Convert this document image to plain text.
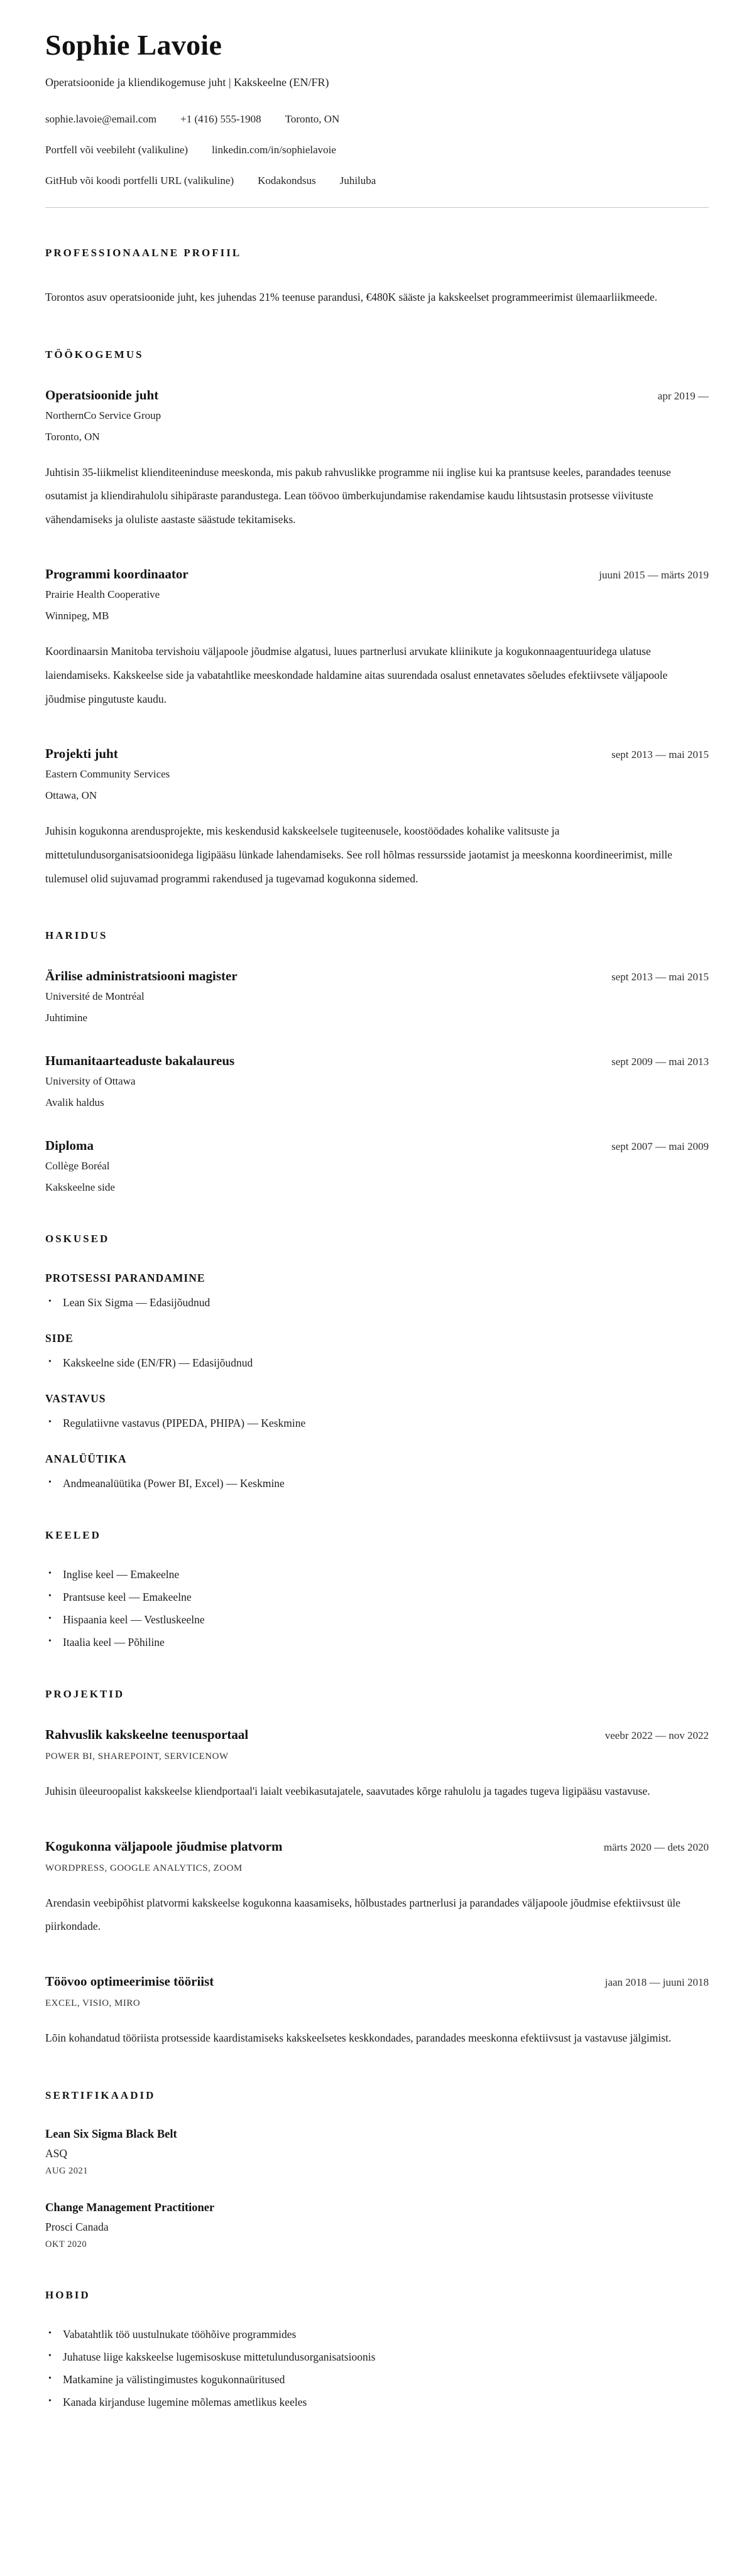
Sophie Lavoie

Operatsioonide ja kliendikogemuse juht | Kakskeelne (EN/FR)

sophie.lavoie@email.com +1 (416) 555-1908 Toronto, ON
Portfell või veebileht (valikuline) linkedin.com/in/sophielavoie
GitHub või koodi portfelli URL (valikuline) Kodakondsus Juhiluba
PROFESSIONAALNE PROFIIL

Torontos asuv operatsioonide juht, kes juhendas 21% teenuse parandusi, €480K sääste ja kakskeelset programmeerimist ülemaarliikmeede.

TÖÖKOGEMUS
Operatsioonide juht	apr 2019 —
NorthernCo Service Group
Toronto, ON

Juhtisin 35-liikmelist klienditeeninduse meeskonda, mis pakub rahvuslikke programme nii inglise kui ka prantsuse keeles, parandades teenuse osutamist ja kliendirahulolu sihipäraste parandustega. Lean töövoo ümberkujundamise rakendamise kaudu lihtsustasin protsesse viivituste vähendamiseks ja oluliste aastaste säästude tekitamiseks.

Programmi koordinaator	juuni 2015 — märts 2019
Prairie Health Cooperative
Winnipeg, MB

Koordinaarsin Manitoba tervishoiu väljapoole jõudmise algatusi, luues partnerlusi arvukate kliinikute ja kogukonnaagentuuridega ulatuse laiendamiseks. Kakskeelse side ja vabatahtlike meeskondade haldamine aitas suurendada osalust ennetavates sõeludes efektiivsete väljapoole jõudmise pingutuste kaudu.

Projekti juht	sept 2013 — mai 2015
Eastern Community Services
Ottawa, ON

Juhisin kogukonna arendusprojekte, mis keskendusid kakskeelsele tugiteenusele, koostöödades kohalike valitsuste ja mittetulundusorganisatsioonidega ligipääsu lünkade lahendamiseks. See roll hõlmas ressursside jaotamist ja meeskonna koordineerimist, mille tulemusel olid sujuvamad programmi rakendused ja tugevamad kogukonna sidemed.

HARIDUS
Ärilise administratsiooni magister	sept 2013 — mai 2015
Université de Montréal
Juhtimine
Humanitaarteaduste bakalaureus	sept 2009 — mai 2013
University of Ottawa
Avalik haldus
Diploma	sept 2007 — mai 2009
Collège Boréal
Kakskeelne side
OSKUSED
PROTSESSI PARANDAMINE
• Lean Six Sigma — Edasijõudnud
SIDE
• Kakskeelne side (EN/FR) — Edasijõudnud
VASTAVUS
• Regulatiivne vastavus (PIPEDA, PHIPA) — Keskmine
ANALÜÜTIKA
• Andmeanalüütika (Power BI, Excel) — Keskmine
KEELED
• Inglise keel — Emakeelne
• Prantsuse keel — Emakeelne
• Hispaania keel — Vestluskeelne
• Itaalia keel — Põhiline
PROJEKTID
Rahvuslik kakskeelne teenusportaal	veebr 2022 — nov 2022
POWER BI, SHAREPOINT, SERVICENOW

Juhisin üleeuroopalist kakskeelse kliendportaal'i laialt veebikasutajatele, saavutades kõrge rahulolu ja tagades tugeva ligipääsu vastavuse.

Kogukonna väljapoole jõudmise platvorm	märts 2020 — dets 2020
WORDPRESS, GOOGLE ANALYTICS, ZOOM

Arendasin veebipõhist platvormi kakskeelse kogukonna kaasamiseks, hõlbustades partnerlusi ja parandades väljapoole jõudmise efektiivsust üle piirkondade.

Töövoo optimeerimise tööriist	jaan 2018 — juuni 2018
EXCEL, VISIO, MIRO

Lõin kohandatud tööriista protsesside kaardistamiseks kakskeelsetes keskkondades, parandades meeskonna efektiivsust ja vastavuse jälgimist.

SERTIFIKAADID
Lean Six Sigma Black Belt
ASQ
AUG 2021
Change Management Practitioner
Prosci Canada
OKT 2020
HOBID
• Vabatahtlik töö uustulnukate tööhõive programmides
• Juhatuse liige kakskeelse lugemisoskuse mittetulundusorganisatsioonis
• Matkamine ja välistingimustes kogukonnaüritused
• Kanada kirjanduse lugemine mõlemas ametlikus keeles
